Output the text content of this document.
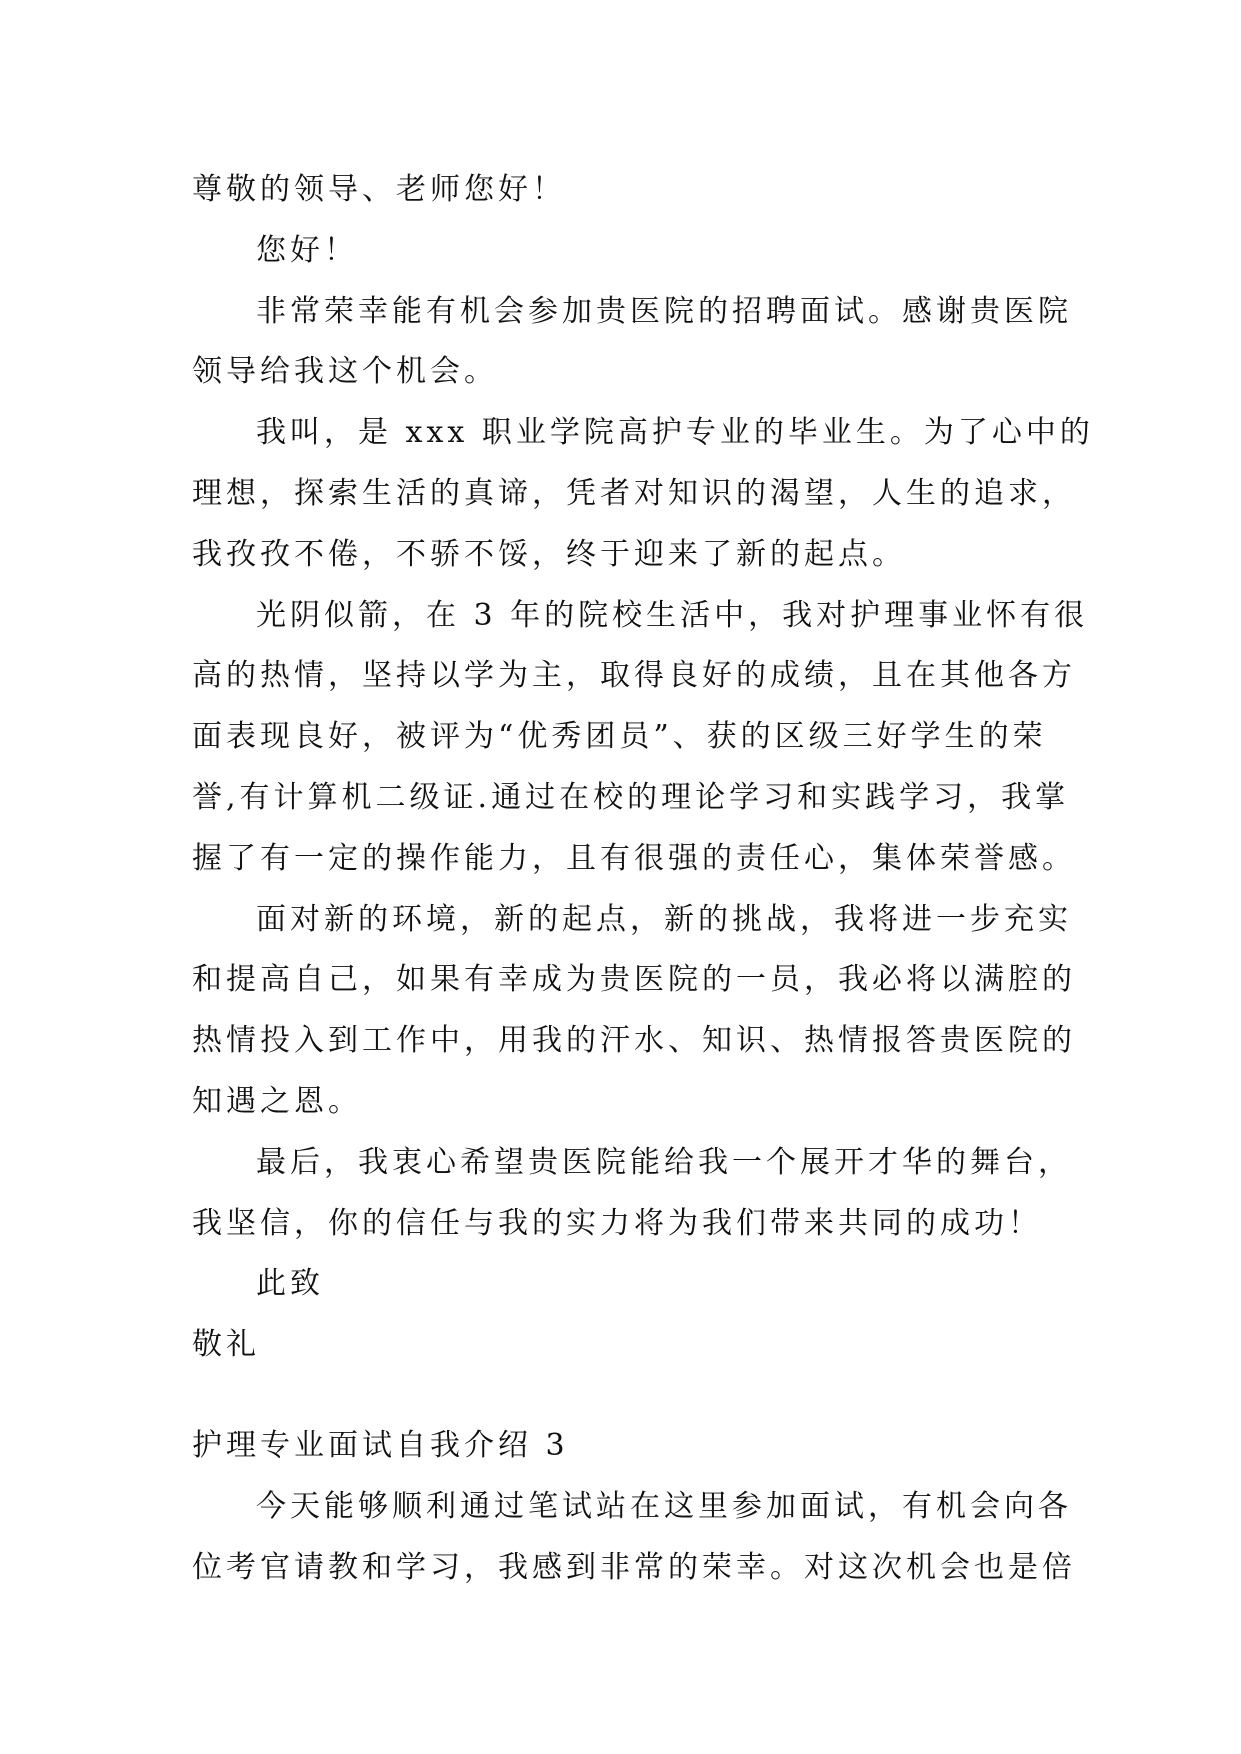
尊敬的领导、老师您好！
您好！
非常荣幸能有机会参加贵医院的招聘面试。感谢贵医院
领导给我这个机会。
我叫，是 xxx 职业学院高护专业的毕业生。为了心中的
理想，探索生活的真谛，凭者对知识的渴望，人生的追求，
我孜孜不倦，不骄不馁，终于迎来了新的起点。
光阴似箭，在 3 年的院校生活中，我对护理事业怀有很
高的热情，坚持以学为主，取得良好的成绩，且在其他各方
面表现良好，被评为“优秀团员”、获的区级三好学生的荣
誉,有计算机二级证.通过在校的理论学习和实践学习，我掌
握了有一定的操作能力，且有很强的责任心，集体荣誉感。
面对新的环境，新的起点，新的挑战，我将进一步充实
和提高自己，如果有幸成为贵医院的一员，我必将以满腔的
热情投入到工作中，用我的汗水、知识、热情报答贵医院的
知遇之恩。
最后，我衷心希望贵医院能给我一个展开才华的舞台，
我坚信，你的信任与我的实力将为我们带来共同的成功！
此致
敬礼
护理专业面试自我介绍 3
今天能够顺利通过笔试站在这里参加面试，有机会向各
位考官请教和学习，我感到非常的荣幸。对这次机会也是倍
